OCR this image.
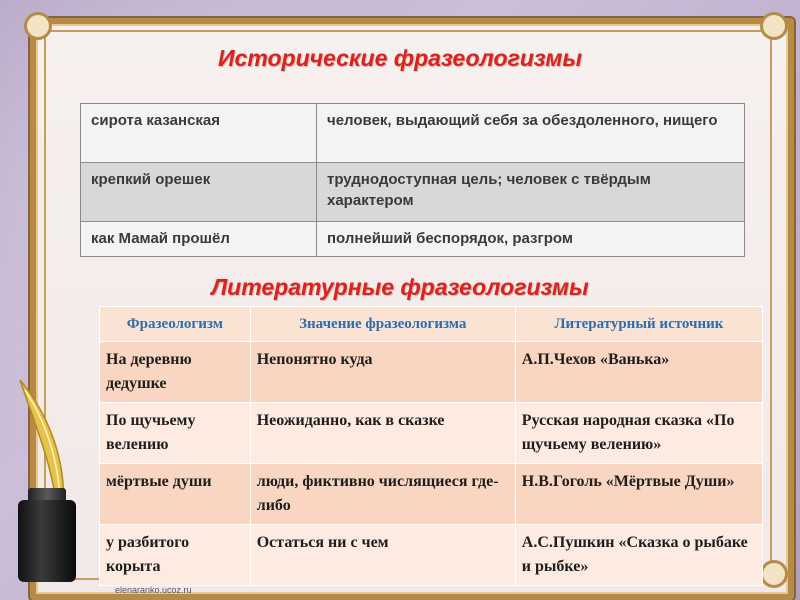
Исторические фразеологизмы
сирота казанская	человек, выдающий себя за обездоленного, нищего
крепкий орешек	труднодоступная цель; человек с твёрдым характером
как Мамай прошёл	полнейший беспорядок, разгром
Литературные фразеологизмы
Фразеологизм	Значение фразеологизма	Литературный источник
На деревню дедушке	Непонятно куда	А.П.Чехов «Ванька»
По щучьему велению	Неожиданно, как в сказке	Русская народная сказка «По щучьему велению»
мёртвые души	люди, фиктивно числящиеся где-либо	Н.В.Гоголь «Мёртвые Души»
у разбитого корыта	Остаться ни с чем	А.С.Пушкин «Сказка о рыбаке и рыбке»
elenaranko.ucoz.ru
